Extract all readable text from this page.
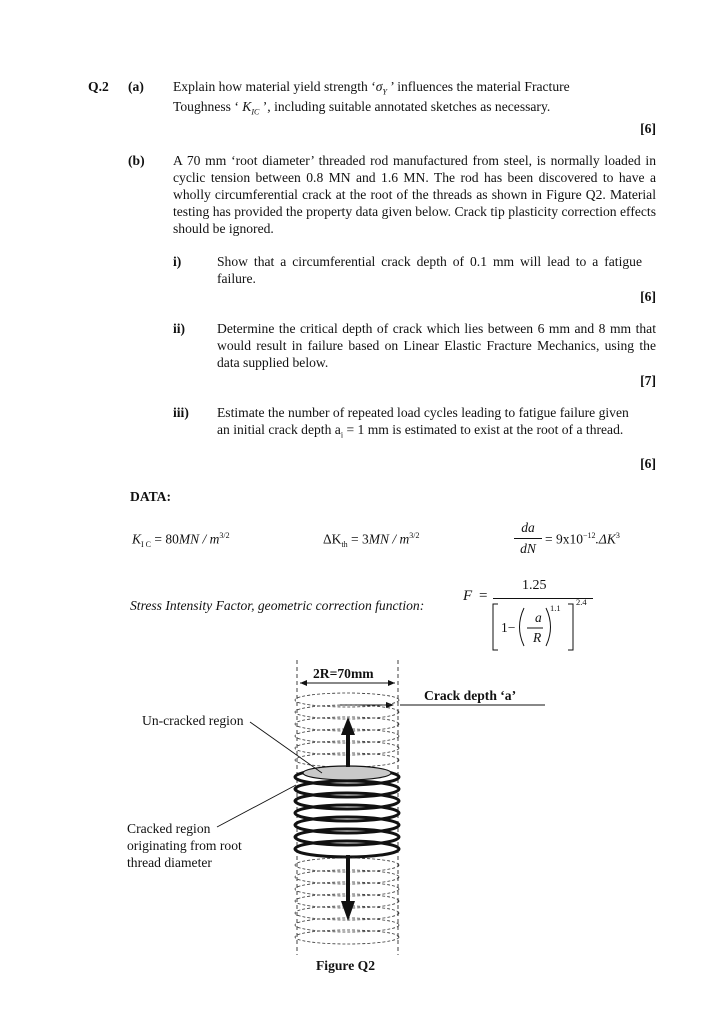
Q.2 (a) Explain how material yield strength ‘$\sigma_Y$ ’ influences the material Fracture
Toughness ‘ $K_{IC}$ ’, including suitable annotated sketches as necessary.
[6]
(b) A 70 mm ‘root diameter’ threaded rod manufactured from steel, is normally loaded in cyclic tension between 0.8 MN and 1.6 MN. The rod has been discovered to have a wholly circumferential crack at the root of the threads as shown in Figure Q2. Material testing has provided the property data given below. Crack tip plasticity correction effects should be ignored.
i)	Show that a circumferential crack depth of 0.1 mm will lead to a fatigue failure.
[6]
ii) Determine the critical depth of crack which lies between 6 mm and 8 mm that would result in failure based on Linear Elastic Fracture Mechanics, using the data supplied below.
[7]
iii) Estimate the number of repeated load cycles leading to fatigue failure given an initial crack depth $a_i = 1$ mm is estimated to exist at the root of a thread.
[6]
DATA:
$K_{I C} = 80MN / m^{3/2}$	$\Delta K_{th} = 3MN / m^{3/2}$
da
dN
= $9x10^{-12}.\Delta K^3$
Stress Intensity Factor, geometric correction function:
F =
1.25
1−
a
R
1.1
2.4
2R=70mm
Crack depth ‘a’
Un-cracked region
Cracked region
originating from root
thread diameter
Figure Q2
